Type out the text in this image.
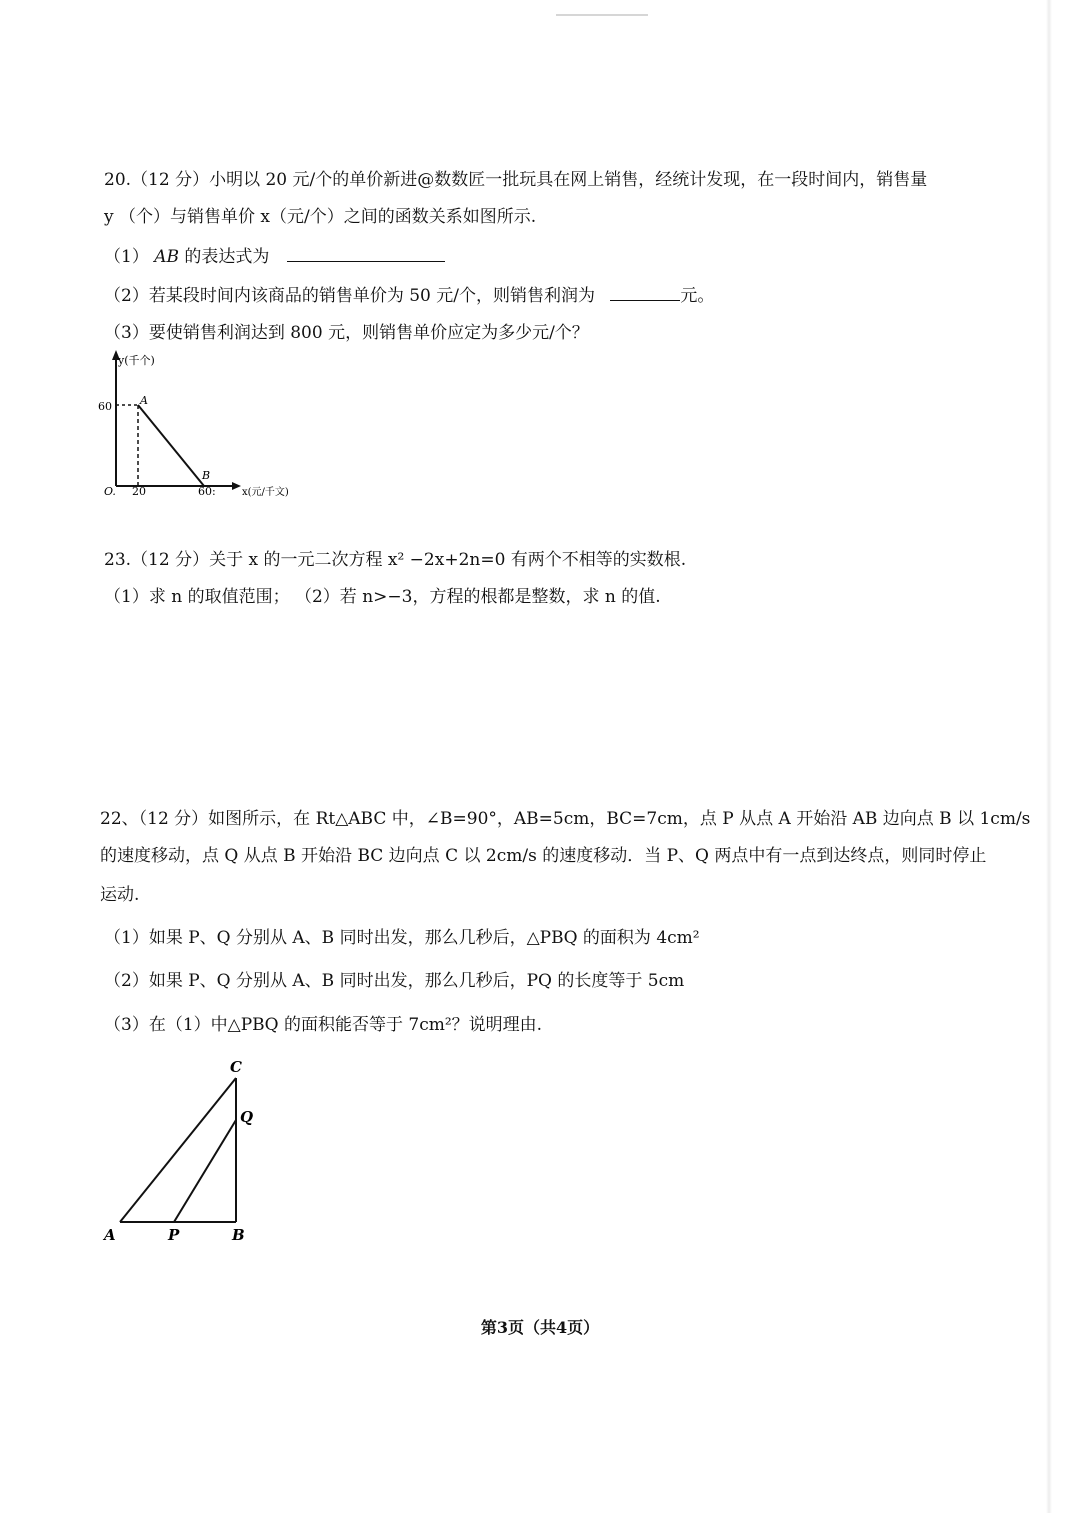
20.（12 分）小明以 20 元/个的单价新进@数数匠一批玩具在网上销售，经统计发现，在一段时间内，销售量
y （个）与销售单价 x（元/个）之间的函数关系如图所示.
（1） AB 的表达式为
（2）若某段时间内该商品的销售单价为 50 元/个，则销售利润为	元。
（3）要使销售利润达到 800 元，则销售单价应定为多少元/个？
y(千个)
x(元/千文)
60
20	60:
O.
A
B
23.（12 分）关于 x 的一元二次方程 x² −2x+2n=0 有两个不相等的实数根.
（1）求 n 的取值范围； （2）若 n>−3，方程的根都是整数，求 n 的值.
22、（12 分）如图所示，在 Rt△ABC 中，∠B=90°，AB=5cm，BC=7cm，点 P 从点 A 开始沿 AB 边向点 B 以 1cm/s
的速度移动，点 Q 从点 B 开始沿 BC 边向点 C 以 2cm/s 的速度移动．当 P、Q 两点中有一点到达终点，则同时停止
运动.
（1）如果 P、Q 分别从 A、B 同时出发，那么几秒后，△PBQ 的面积为 4cm²
（2）如果 P、Q 分别从 A、B 同时出发，那么几秒后，PQ 的长度等于 5cm
（3）在（1）中△PBQ 的面积能否等于 7cm²？说明理由.
C
Q
A	P	B
第3页（共4页）
